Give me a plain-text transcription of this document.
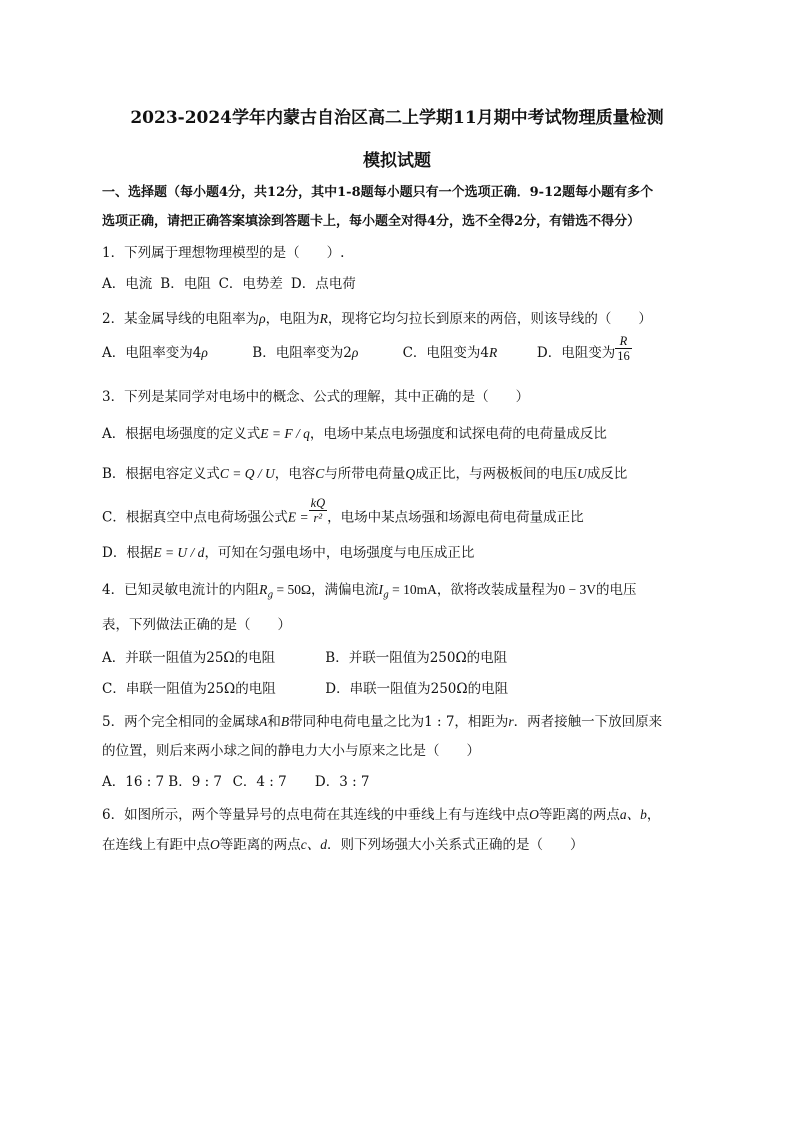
2023-2024学年内蒙古自治区高二上学期11月期中考试物理质量检测
模拟试题
一、选择题（每小题4分，共12分，其中1-8题每小题只有一个选项正确．9-12题每小题有多个
选项正确，请把正确答案填涂到答题卡上，每小题全对得4分，选不全得2分，有错选不得分）
1．下列属于理想物理模型的是（　　）.
A．电流 B．电阻 C．电势差 D．点电荷
2．某金属导线的电阻率为ρ，电阻为R，现将它均匀拉长到原来的两倍，则该导线的（　　）
A．电阻率变为4ρ	B．电阻率变为2ρ	C．电阻变为4R	D．电阻变为 $\frac{R}{16}$
3．下列是某同学对电场中的概念、公式的理解，其中正确的是（　　）
A．根据电场强度的定义式E = F / q，电场中某点电场强度和试探电荷的电荷量成反比
B．根据电容定义式C = Q / U，电容C与所带电荷量Q成正比，与两极板间的电压U成反比
C．根据真空中点电荷场强公式$E = \frac{kQ}{\text{r²}}$ ，电场中某点场强和场源电荷电荷量成正比
D．根据E = U / d，可知在匀强电场中，电场强度与电压成正比
4．已知灵敏电流计的内阻$R_g = 50\Omega$，满偏电流$I_g = 10mA$，欲将改装成量程为0 − 3V的电压
表，下列做法正确的是（　　）
A．并联一阻值为25Ω的电阻	B．并联一阻值为250Ω的电阻
C．串联一阻值为25Ω的电阻	D．串联一阻值为250Ω的电阻
5．两个完全相同的金属球A和B带同种电荷电量之比为1 : 7，相距为r．两者接触一下放回原来
的位置，则后来两小球之间的静电力大小与原来之比是（　　）
A．16 : 7 B．9 : 7 C．4 : 7 D．3 : 7
6．如图所示，两个等量异号的点电荷在其连线的中垂线上有与连线中点O等距离的两点a、b，
在连线上有距中点O等距离的两点c、d．则下列场强大小关系式正确的是（　　）
